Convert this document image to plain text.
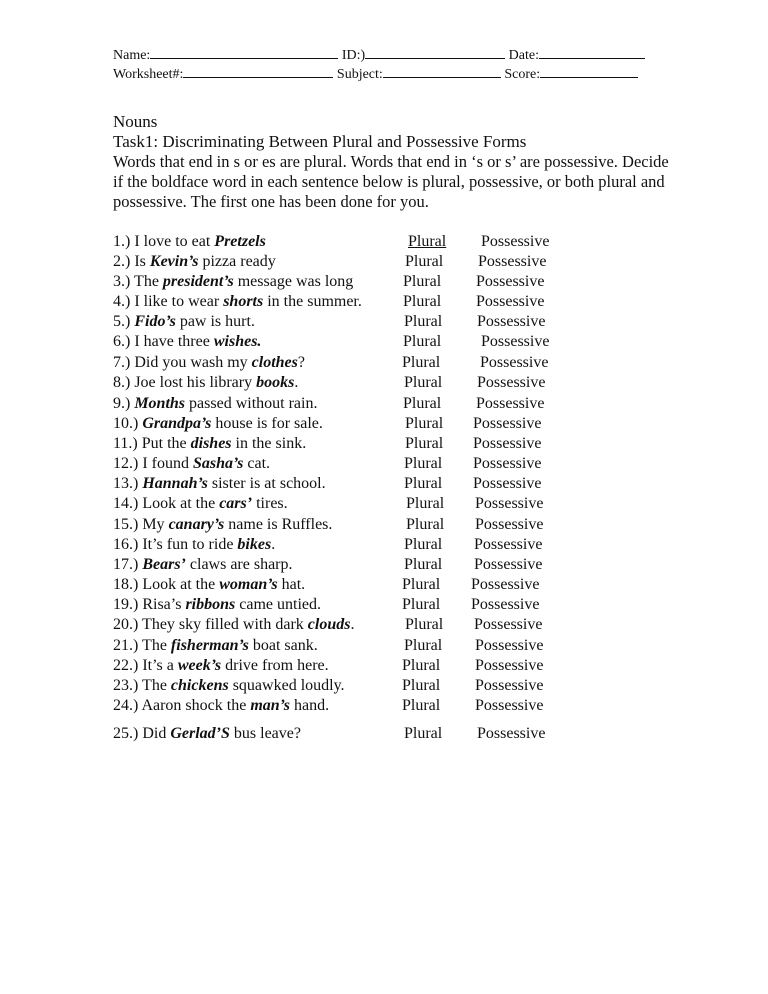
Name:	ID:)	Date:
Worksheet#:	Subject:	Score:
Nouns
Task1: Discriminating Between Plural and Possessive Forms
Words that end in s or es are plural. Words that end in ‘s or s’ are possessive. Decide if the boldface word in each sentence below is plural, possessive, or both plural and possessive. The first one has been done for you.
1.) I love to eat Pretzels	Plural Possessive
2.) Is Kevin’s pizza ready	Plural Possessive
3.) The president’s message was long	Plural Possessive
4.) I like to wear shorts in the summer.	Plural Possessive
5.) Fido’s paw is hurt.	Plural Possessive
6.) I have three wishes.	Plural Possessive
7.) Did you wash my clothes?	Plural Possessive
8.) Joe lost his library books.	Plural Possessive
9.) Months passed without rain.	Plural Possessive
10.) Grandpa’s house is for sale.	Plural Possessive
11.) Put the dishes in the sink.	Plural Possessive
12.) I found Sasha’s cat.	Plural Possessive
13.) Hannah’s sister is at school.	Plural Possessive
14.) Look at the cars’ tires.	Plural Possessive
15.) My canary’s name is Ruffles.	Plural Possessive
16.) It’s fun to ride bikes.	Plural Possessive
17.) Bears’ claws are sharp.	Plural Possessive
18.) Look at the woman’s hat.	Plural Possessive
19.) Risa’s ribbons came untied.	Plural Possessive
20.) They sky filled with dark clouds.	Plural Possessive
21.) The fisherman’s boat sank.	Plural Possessive
22.) It’s a week’s drive from here.	Plural Possessive
23.) The chickens squawked loudly.	Plural Possessive
24.) Aaron shock the man’s hand.	Plural Possessive
25.) Did Gerlad’S bus leave?	Plural Possessive
